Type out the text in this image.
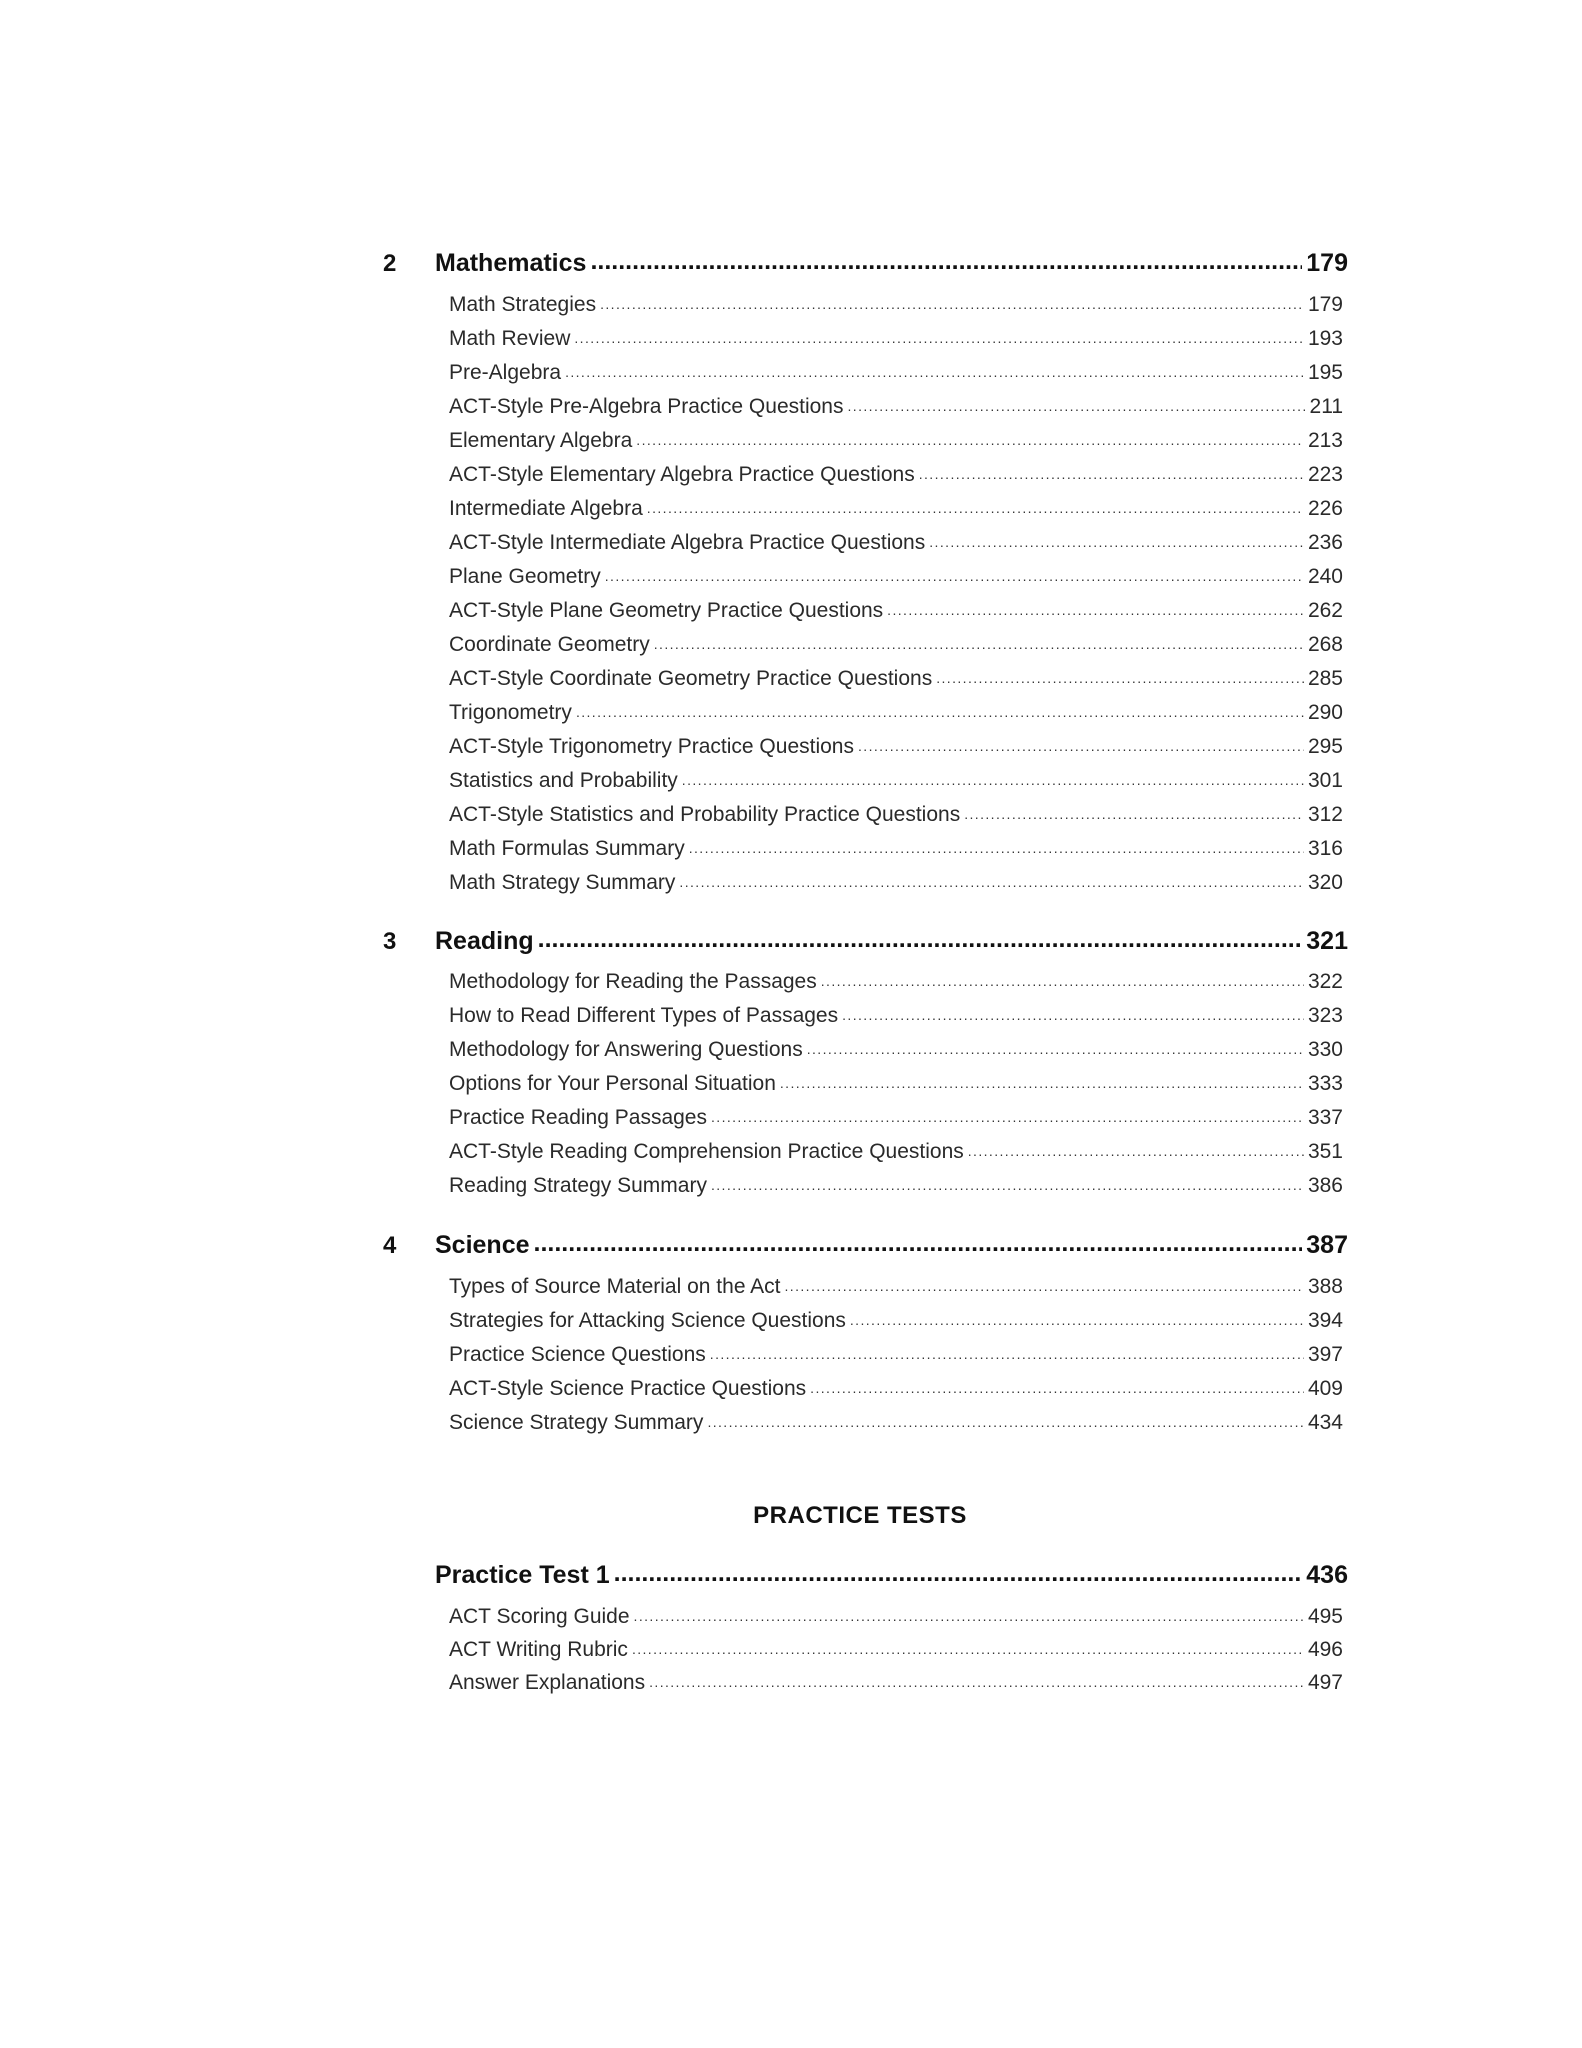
2 Mathematics .....	179
Math Strategies .....	179
Math Review .....	193
Pre-Algebra .....	195
ACT-Style Pre-Algebra Practice Questions .....	211
Elementary Algebra .....	213
ACT-Style Elementary Algebra Practice Questions .....	223
Intermediate Algebra .....	226
ACT-Style Intermediate Algebra Practice Questions .....	236
Plane Geometry .....	240
ACT-Style Plane Geometry Practice Questions .....	262
Coordinate Geometry .....	268
ACT-Style Coordinate Geometry Practice Questions .....	285
Trigonometry .....	290
ACT-Style Trigonometry Practice Questions .....	295
Statistics and Probability .....	301
ACT-Style Statistics and Probability Practice Questions .....	312
Math Formulas Summary .....	316
Math Strategy Summary .....	320
3 Reading .....	321
Methodology for Reading the Passages .....	322
How to Read Different Types of Passages .....	323
Methodology for Answering Questions .....	330
Options for Your Personal Situation .....	333
Practice Reading Passages .....	337
ACT-Style Reading Comprehension Practice Questions .....	351
Reading Strategy Summary .....	386
4 Science .....	387
Types of Source Material on the Act .....	388
Strategies for Attacking Science Questions .....	394
Practice Science Questions .....	397
ACT-Style Science Practice Questions .....	409
Science Strategy Summary .....	434
PRACTICE TESTS
Practice Test 1 .....	436
ACT Scoring Guide .....	495
ACT Writing Rubric .....	496
Answer Explanations .....	497
